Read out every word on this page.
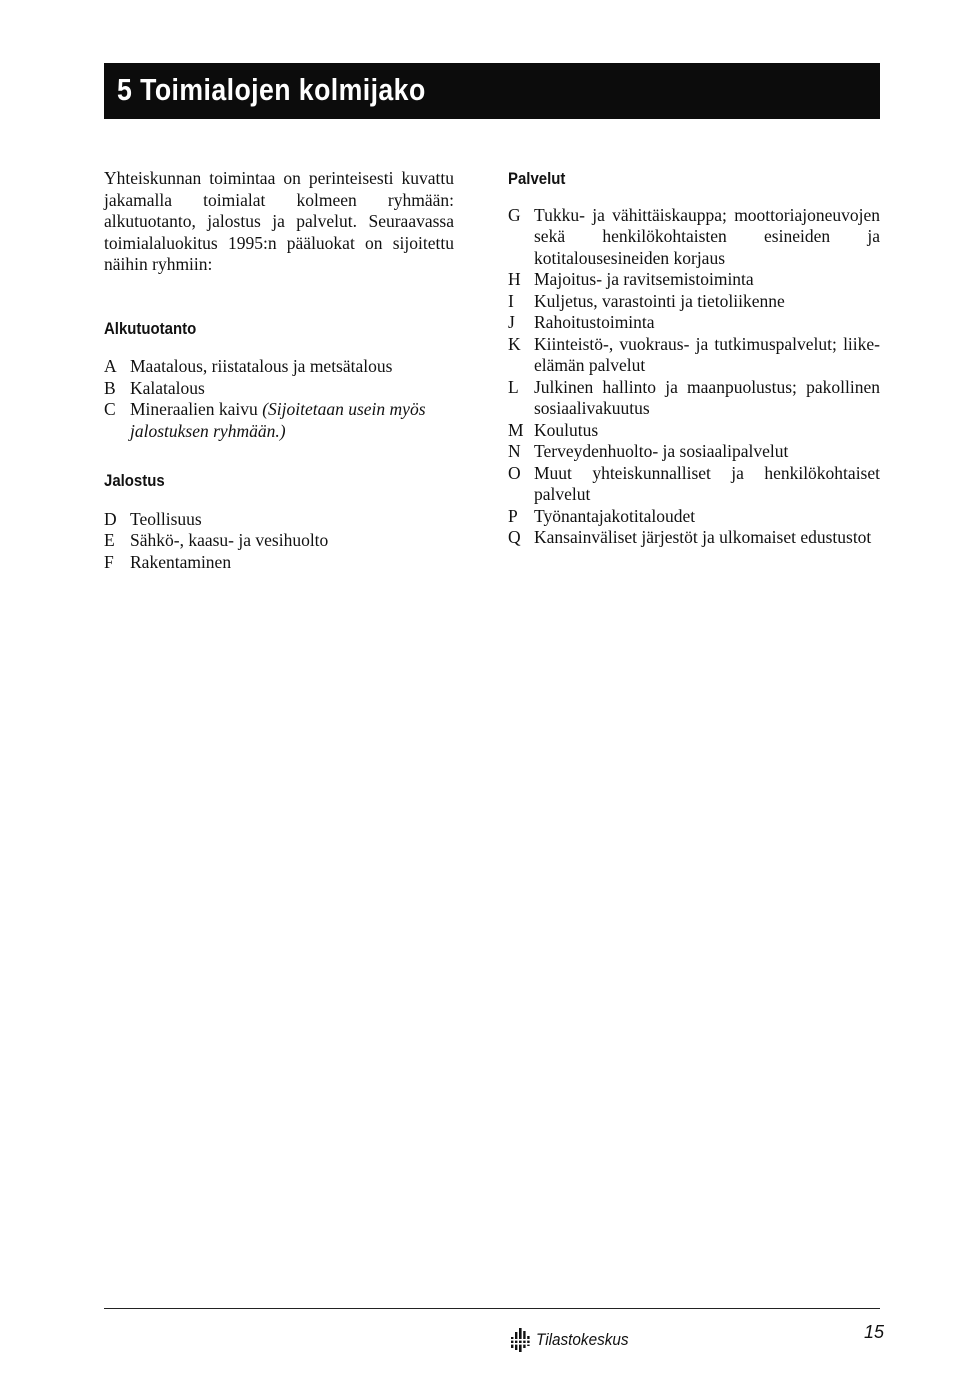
5 Toimialojen kolmijako

Yhteiskunnan toimintaa on perinteisesti kuvattu jakamalla toimialat kolmeen ryhmään: alkutuotanto, jalostus ja palvelut. Seuraavassa toimialaluokitus 1995:n pääluokat on sijoitettu näihin ryhmiin:

Alkutuotanto
A Maatalous, riistatalous ja metsätalous
B Kalatalous
C Mineraalien kaivu (Sijoitetaan usein myös jalostuksen ryhmään.)
Jalostus
D Teollisuus
E Sähkö-, kaasu- ja vesihuolto
F Rakentaminen
Palvelut
G Tukku- ja vähittäiskauppa; moottoriajoneuvojen sekä henkilökohtaisten esineiden ja kotitalousesineiden korjaus
H Majoitus- ja ravitsemistoiminta
I	Kuljetus, varastointi ja tietoliikenne
J	Rahoitustoiminta
K Kiinteistö-, vuokraus- ja tutkimuspalvelut; liike-elämän palvelut
L Julkinen hallinto ja maanpuolustus; pakollinen sosiaalivakuutus
M Koulutus
N Terveydenhuolto- ja sosiaalipalvelut
O Muut yhteiskunnalliset ja henkilökohtaiset palvelut
P Työnantajakotitaloudet
Q Kansainväliset järjestöt ja ulkomaiset edustustot
Tilastokeskus	15
